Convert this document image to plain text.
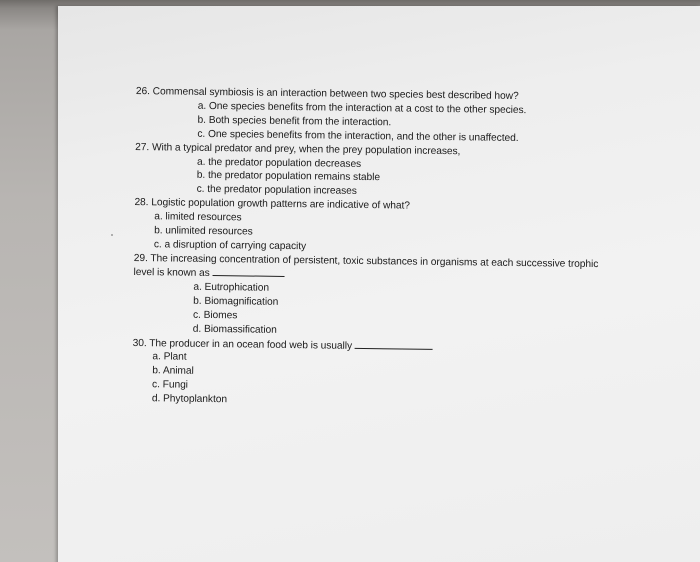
26. Commensal symbiosis is an interaction between two species best described how?
a. One species benefits from the interaction at a cost to the other species.
b. Both species benefit from the interaction.
c. One species benefits from the interaction, and the other is unaffected.
27. With a typical predator and prey, when the prey population increases,
a. the predator population decreases
b. the predator population remains stable
c. the predator population increases
28. Logistic population growth patterns are indicative of what?
a. limited resources
b. unlimited resources
c. a disruption of carrying capacity
29. The increasing concentration of persistent, toxic substances in organisms at each successive trophic
level is known as
a. Eutrophication
b. Biomagnification
c. Biomes
d. Biomassification
30. The producer in an ocean food web is usually
a. Plant
b. Animal
c. Fungi
d. Phytoplankton
